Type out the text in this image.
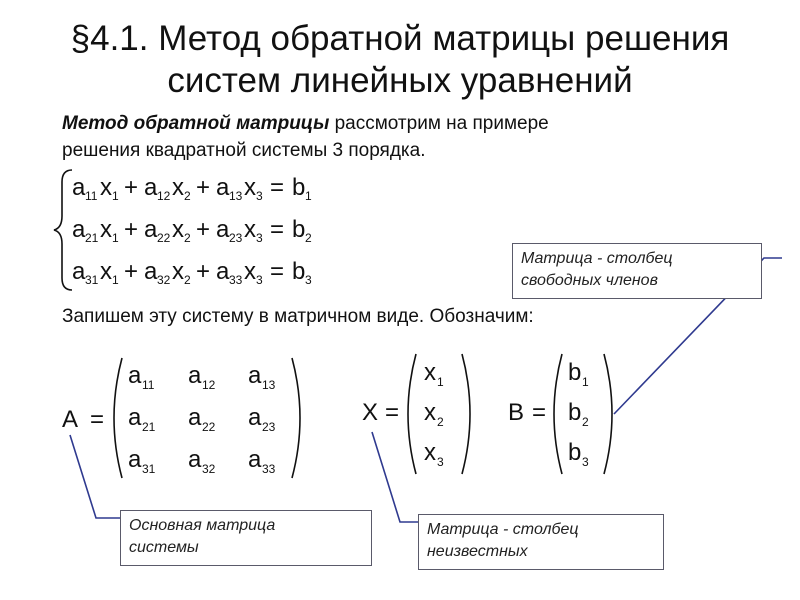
§4.1. Метод обратной матрицы решения
систем линейных уравнений
Метод обратной матрицы рассмотрим на примере
решения квадратной системы 3 порядка.
Запишем эту систему в матричном виде. Обозначим:
a 11 x 1 + a 12 x 2 + a 13 x 3 = b 1
a 21 x 1 + a 22 x 2 + a 23 x 3 = b 2
a 31 x 1 + a 32 x 2 + a 33 x 3 = b 3
A =
a 11 a 12 a 13
a 21 a 22 a 23
a 31 a 32 a 33
X =
x 1
x 2
x 3
B =
b 1
b 2
b 3
Матрица - столбец
свободных членов
Основная матрица
системы
Матрица - столбец
неизвестных
